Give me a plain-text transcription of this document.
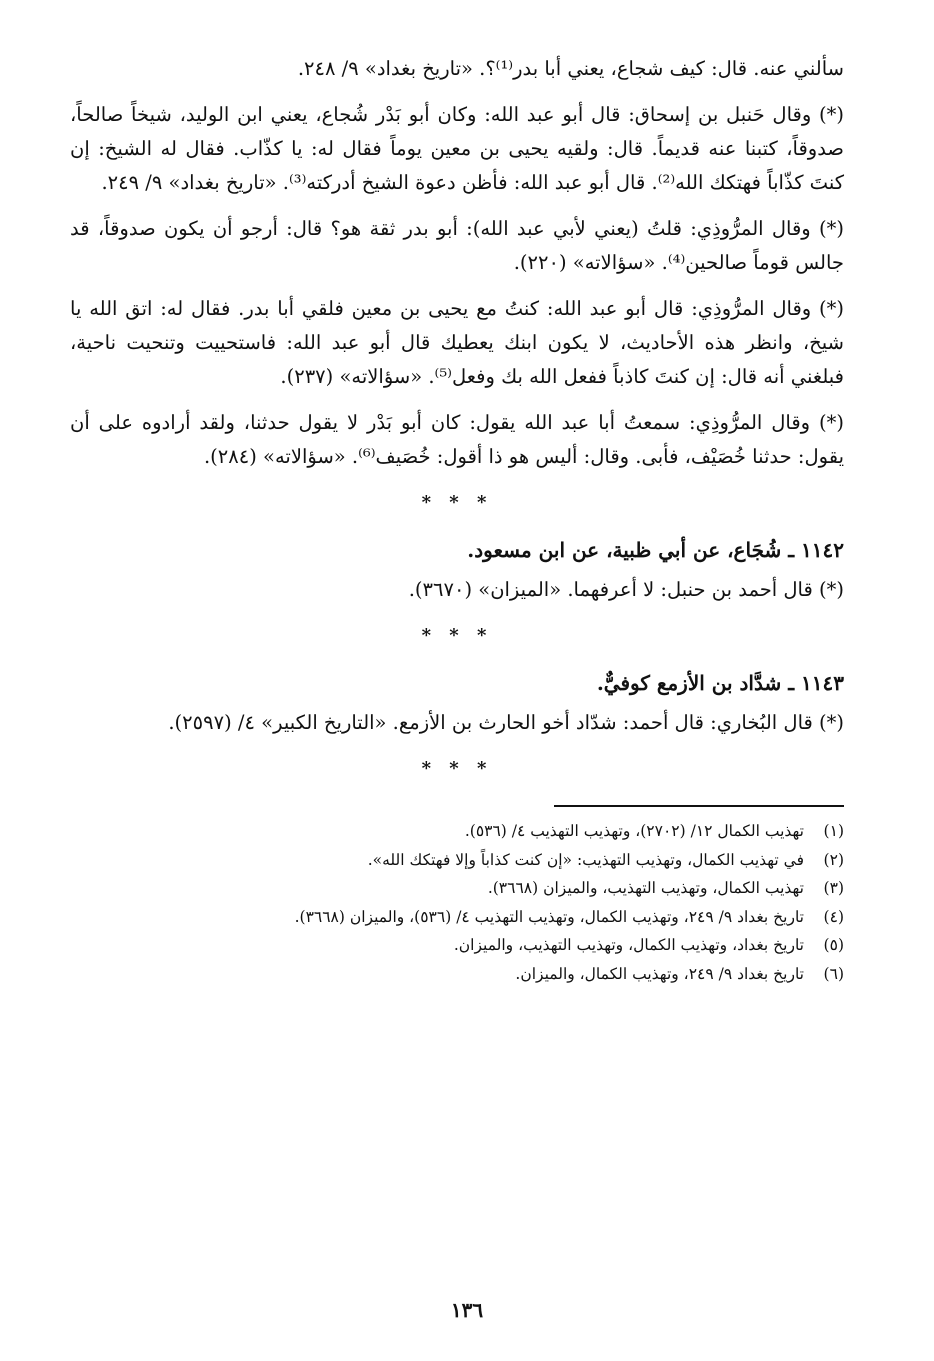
سألني عنه. قال: كيف شجاع، يعني أبا بدر⁽¹⁾؟. «تاريخ بغداد» ٩/ ٢٤٨.

(*) وقال حَنبل بن إسحاق: قال أبو عبد الله: وكان أبو بَدْر شُجاع، يعني ابن الوليد، شيخاً صالحاً، صدوقاً، كتبنا عنه قديماً. قال: ولقيه يحيى بن معين يوماً فقال له: يا كذّاب. فقال له الشيخ: إن كنتَ كذّاباً فهتكك الله⁽²⁾. قال أبو عبد الله: فأظن دعوة الشيخ أدركته⁽³⁾. «تاريخ بغداد» ٩/ ٢٤٩.

(*) وقال المرُّوذِي: قلتُ (يعني لأبي عبد الله): أبو بدر ثقة هو؟ قال: أرجو أن يكون صدوقاً، قد جالس قوماً صالحين⁽⁴⁾. «سؤالاته» (٢٢٠).

(*) وقال المرُّوذِي: قال أبو عبد الله: كنتُ مع يحيى بن معين فلقي أبا بدر. فقال له: اتق الله يا شيخ، وانظر هذه الأحاديث، لا يكون ابنك يعطيك قال أبو عبد الله: فاستحييت وتنحيت ناحية، فبلغني أنه قال: إن كنتَ كاذباً ففعل الله بك وفعل⁽⁵⁾. «سؤالاته» (٢٣٧).

(*) وقال المرُّوذِي: سمعتُ أبا عبد الله يقول: كان أبو بَدْر لا يقول حدثنا، ولقد أرادوه على أن يقول: حدثنا خُصَيْف، فأبى. وقال: أليس هو ذا أقول: خُصَيف⁽⁶⁾. «سؤالاته» (٢٨٤).

* * *
١١٤٢ ـ شُجَاع، عن أبي ظبية، عن ابن مسعود.

(*) قال أحمد بن حنبل: لا أعرفهما. «الميزان» (٣٦٧٠).

* * *
١١٤٣ ـ شدَّاد بن الأزمع كوفيٌّ.

(*) قال البُخاري: قال أحمد: شدّاد أخو الحارث بن الأزمع. «التاريخ الكبير» ٤/ (٢٥٩٧).

* * *
(١)تهذيب الكمال ١٢/ (٢٧٠٢)، وتهذيب التهذيب ٤/ (٥٣٦).
(٢)في تهذيب الكمال، وتهذيب التهذيب: «إن كنت كذاباً وإلا فهتكك الله».
(٣)تهذيب الكمال، وتهذيب التهذيب، والميزان (٣٦٦٨).
(٤)تاريخ بغداد ٩/ ٢٤٩، وتهذيب الكمال، وتهذيب التهذيب ٤/ (٥٣٦)، والميزان (٣٦٦٨).
(٥)تاريخ بغداد، وتهذيب الكمال، وتهذيب التهذيب، والميزان.
(٦)تاريخ بغداد ٩/ ٢٤٩، وتهذيب الكمال، والميزان.
١٣٦
